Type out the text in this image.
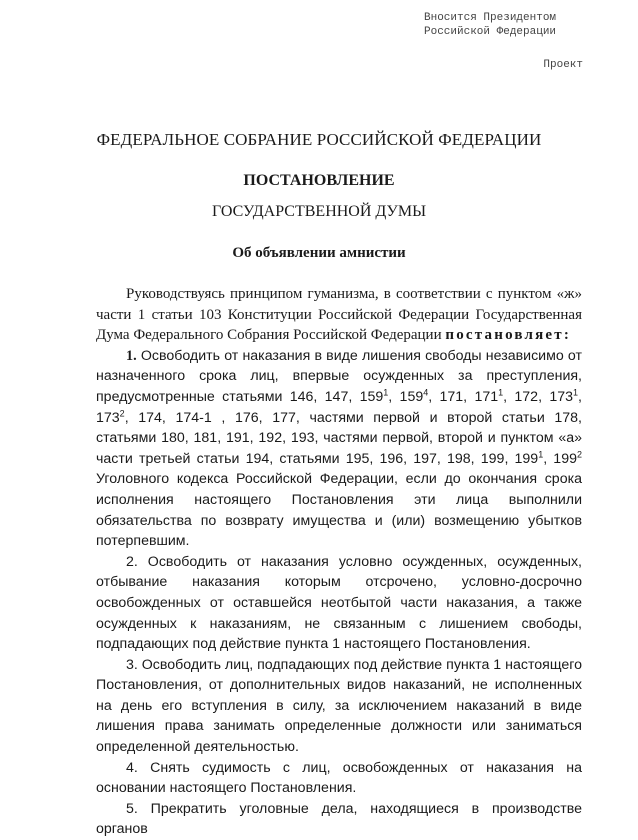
Вносится Президентом
Российской Федерации
Проект
ФЕДЕРАЛЬНОЕ СОБРАНИЕ РОССИЙСКОЙ ФЕДЕРАЦИИ
ПОСТАНОВЛЕНИЕ
ГОСУДАРСТВЕННОЙ ДУМЫ
Об объявлении амнистии

Руководствуясь принципом гуманизма, в соответствии с пунктом «ж» части 1 статьи 103 Конституции Российской Федерации Государственная Дума Федерального Собрания Российской Федерации постановляет:

1. Освободить от наказания в виде лишения свободы независимо от назначенного срока лиц, впервые осужденных за преступления, предусмотренные статьями 146, 147, $159^1$, $159^4$, 171, $171^1$, 172, $173^1$, $173^2$, 174, 174-1 , 176, 177, частями первой и второй статьи 178, статьями 180, 181, 191, 192, 193, частями первой, второй и пунктом «а» части третьей статьи 194, статьями 195, 196, 197, 198, 199, $199^1$, $199^2$ Уголовного кодекса Российской Федерации, если до окончания срока исполнения настоящего Постановления эти лица выполнили обязательства по возврату имущества и (или) возмещению убытков потерпевшим.

2. Освободить от наказания условно осужденных, осужденных, отбывание наказания которым отсрочено, условно-досрочно освобожденных от оставшейся неотбытой части наказания, а также осужденных к наказаниям, не связанным с лишением свободы, подпадающих под действие пункта 1 настоящего Постановления.

3. Освободить лиц, подпадающих под действие пункта 1 настоящего Постановления, от дополнительных видов наказаний, не исполненных на день его вступления в силу, за исключением наказаний в виде лишения права занимать определенные должности или заниматься определенной деятельностью.

4. Снять судимость с лиц, освобожденных от наказания на основании настоящего Постановления.

5. Прекратить уголовные дела, находящиеся в производстве органов
